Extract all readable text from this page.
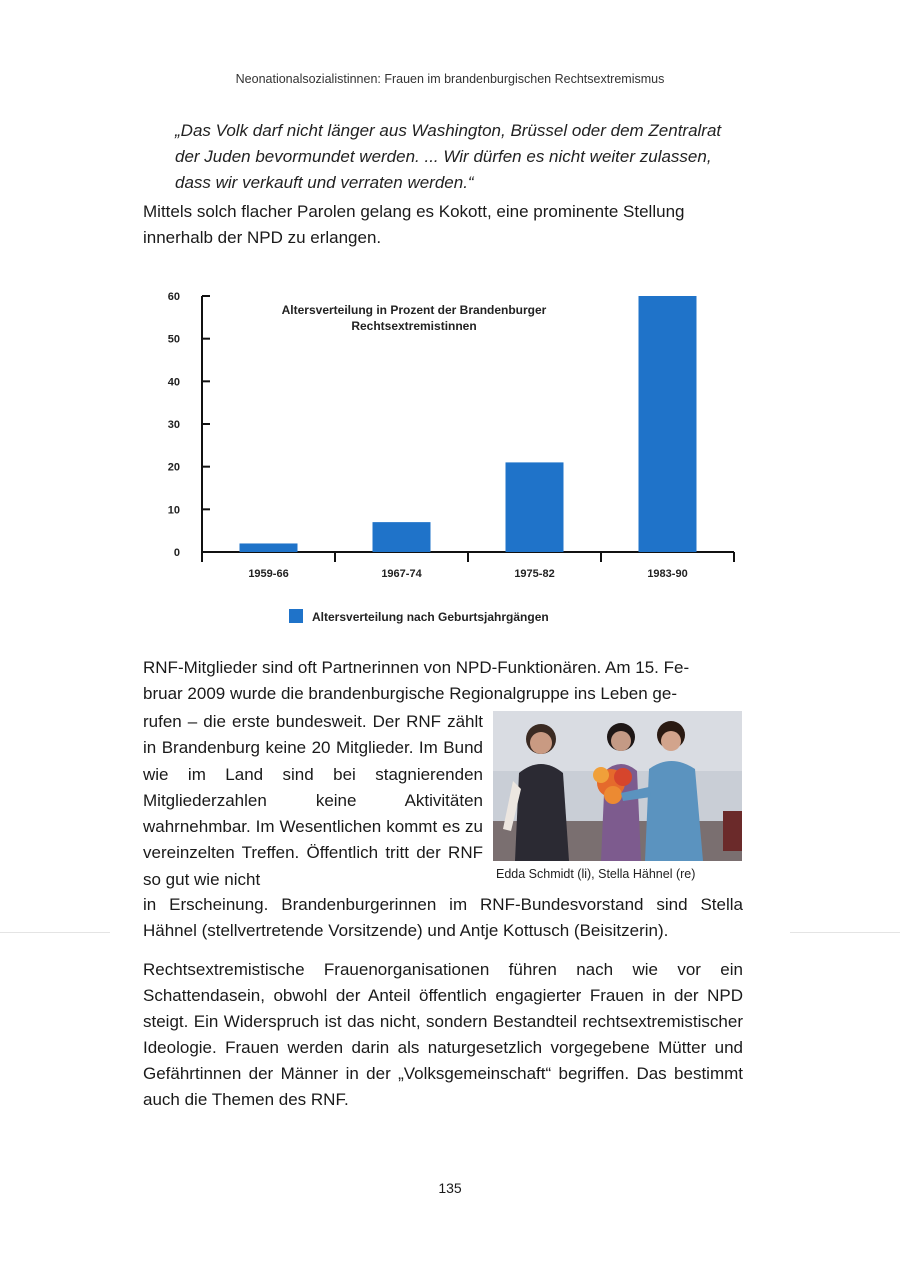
Neonationalsozialistinnen: Frauen im brandenburgischen Rechtsextremismus
„Das Volk darf nicht länger aus Washington, Brüssel oder dem Zentralrat der Juden bevormundet werden. ... Wir dürfen es nicht weiter zulassen, dass wir verkauft und verraten werden.“
Mittels solch flacher Parolen gelang es Kokott, eine prominente Stellung innerhalb der NPD zu erlangen.
Altersverteilung in Prozent der Brandenburger
Rechtsextremistinnen
0
10
20
30
40
50
60
1959-66	1967-74	1975-82	1983-90
Altersverteilung nach Geburtsjahrgängen
RNF-Mitglieder sind oft Partnerinnen von NPD-Funktionären. Am 15. Fe-
bruar 2009 wurde die brandenburgische Regionalgruppe ins Leben ge-
rufen – die erste bundesweit. Der RNF zählt in Brandenburg keine 20 Mitglieder. Im Bund wie im Land sind bei stagnierenden Mitgliederzahlen keine Aktivitäten wahrnehmbar. Im Wesentlichen kommt es zu vereinzelten Treffen. Öffentlich tritt der RNF so gut wie nicht	Edda Schmidt (li), Stella Hähnel (re)
in Erscheinung. Brandenburgerinnen im RNF-Bundesvorstand sind Stella Hähnel (stellvertretende Vorsitzende) und Antje Kottusch (Beisitzerin).
Rechtsextremistische Frauenorganisationen führen nach wie vor ein Schattendasein, obwohl der Anteil öffentlich engagierter Frauen in der NPD steigt. Ein Widerspruch ist das nicht, sondern Bestandteil rechtsextremistischer Ideologie. Frauen werden darin als naturgesetzlich vorgegebene Mütter und Gefährtinnen der Männer in der „Volksgemeinschaft“ begriffen. Das bestimmt auch die Themen des RNF.
135
